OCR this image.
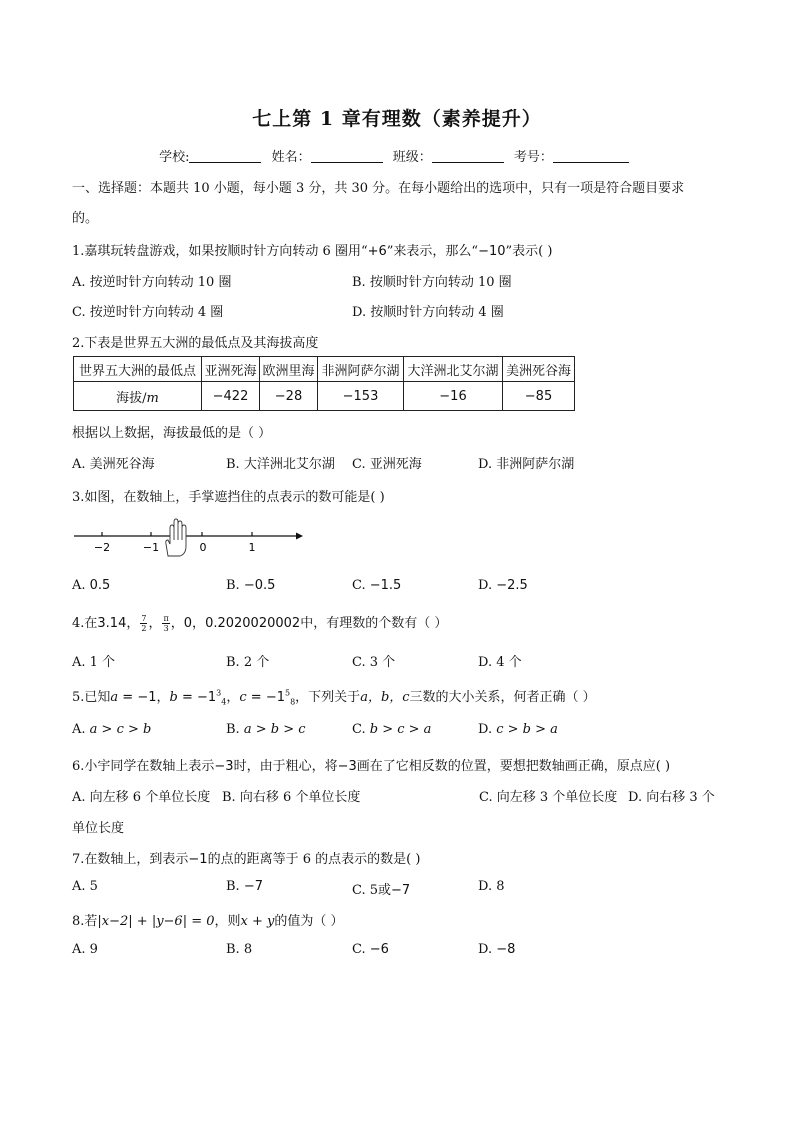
七上第 1 章有理数（素养提升）
学校:	姓名：	班级：	考号：
一、选择题：本题共 10 小题，每小题 3 分，共 30 分。在每小题给出的选项中，只有一项是符合题目要求
的。
1.嘉琪玩转盘游戏，如果按顺时针方向转动 6 圈用“+6”来表示，那么“−10”表示( )
A. 按逆时针方向转动 10 圈	B. 按顺时针方向转动 10 圈
C. 按逆时针方向转动 4 圈	D. 按顺时针方向转动 4 圈
2.下表是世界五大洲的最低点及其海拔高度
世界五大洲的最低点	亚洲死海	欧洲里海	非洲阿萨尔湖	大洋洲北艾尔湖	美洲死谷海
海拔/m	−422	−28	−153	−16	−85
根据以上数据，海拔最低的是（ ）
A. 美洲死谷海	B. 大洋洲北艾尔湖 C. 亚洲死海	D. 非洲阿萨尔湖
3.如图，在数轴上，手掌遮挡住的点表示的数可能是( )
−2	−1	0	1
A. 0.5	B. −0.5	C. −1.5	D. −2.5
4.在3.14， $\frac{7}{2}$ ， $\frac{\pi}{3}$ ，0，0.2020020002中，有理数的个数有（ ）
A. 1 个	B. 2 个	C. 3 个	D. 4 个
5.已知a = −1，$b = -1^3_4$，$c = -1^5_8$，下列关于a，b，c三数的大小关系，何者正确（ ）
A. a > c > b	B. a > b > c	C. b > c > a	D. c > b > a
6.小宇同学在数轴上表示−3时，由于粗心，将−3画在了它相反数的位置，要想把数轴画正确，原点应( )
A. 向左移 6 个单位长度 B. 向右移 6 个单位长度	C. 向左移 3 个单位长度 D. 向右移 3 个
单位长度
7.在数轴上，到表示−1的点的距离等于 6 的点表示的数是( )
A. 5	B. −7	C. 5或−7	D. 8
8.若|x−2| + |y−6| = 0，则x + y的值为（ ）
A. 9	B. 8	C. −6	D. −8
